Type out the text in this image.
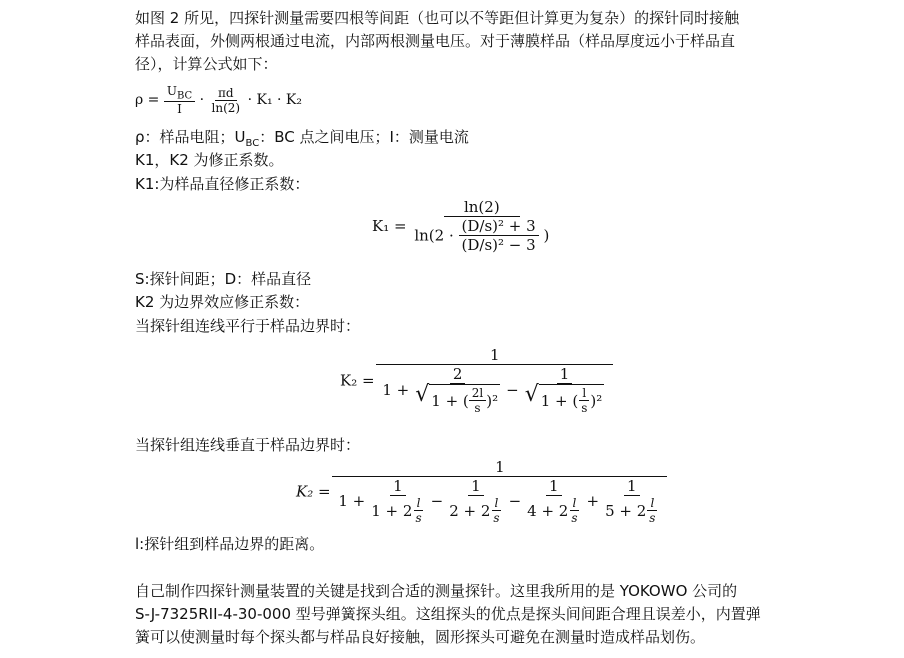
如图 2 所见，四探针测量需要四根等间距（也可以不等距但计算更为复杂）的探针同时接触
样品表面，外侧两根通过电流，内部两根测量电压。对于薄膜样品（样品厚度远小于样品直
径），计算公式如下：
$\rho = \frac{U_{BC}}{I} \cdot \frac{\pi d}{\ln(2)} \cdot K_1 \cdot K_2$
ρ：样品电阻；$U_{BC}$：BC 点之间电压；I：测量电流
K1，K2 为修正系数。
K1:为样品直径修正系数：
K₁ =
ln(2)
$\ln(2 \cdot \frac{\text{(D/s)² + 3}}{\text{(D/s)² − 3}}$ )
S:探针间距；D：样品直径
K2 为边界效应修正系数：
当探针组连线平行于样品边界时：
K₂ =
1
1 +
2
√ 1 + ( $\frac{2l}{s} )^2$
−
1
√ 1 + ( $\frac{l}{s} )^2$
当探针组连线垂直于样品边界时：
K₂ =
1
$1 + \frac{1}{1 + 2 \frac{l}{s}} - \frac{1}{2 + 2 \frac{l}{s}} - \frac{1}{4 + 2 \frac{l}{s}} + \frac{1}{5 + 2 \frac{l}{s}}$
l:探针组到样品边界的距离。
自己制作四探针测量装置的关键是找到合适的测量探针。这里我所用的是 YOKOWO 公司的
S-J-7325RII-4-30-000 型号弹簧探头组。这组探头的优点是探头间间距合理且误差小，内置弹
簧可以使测量时每个探头都与样品良好接触，圆形探头可避免在测量时造成样品划伤。
